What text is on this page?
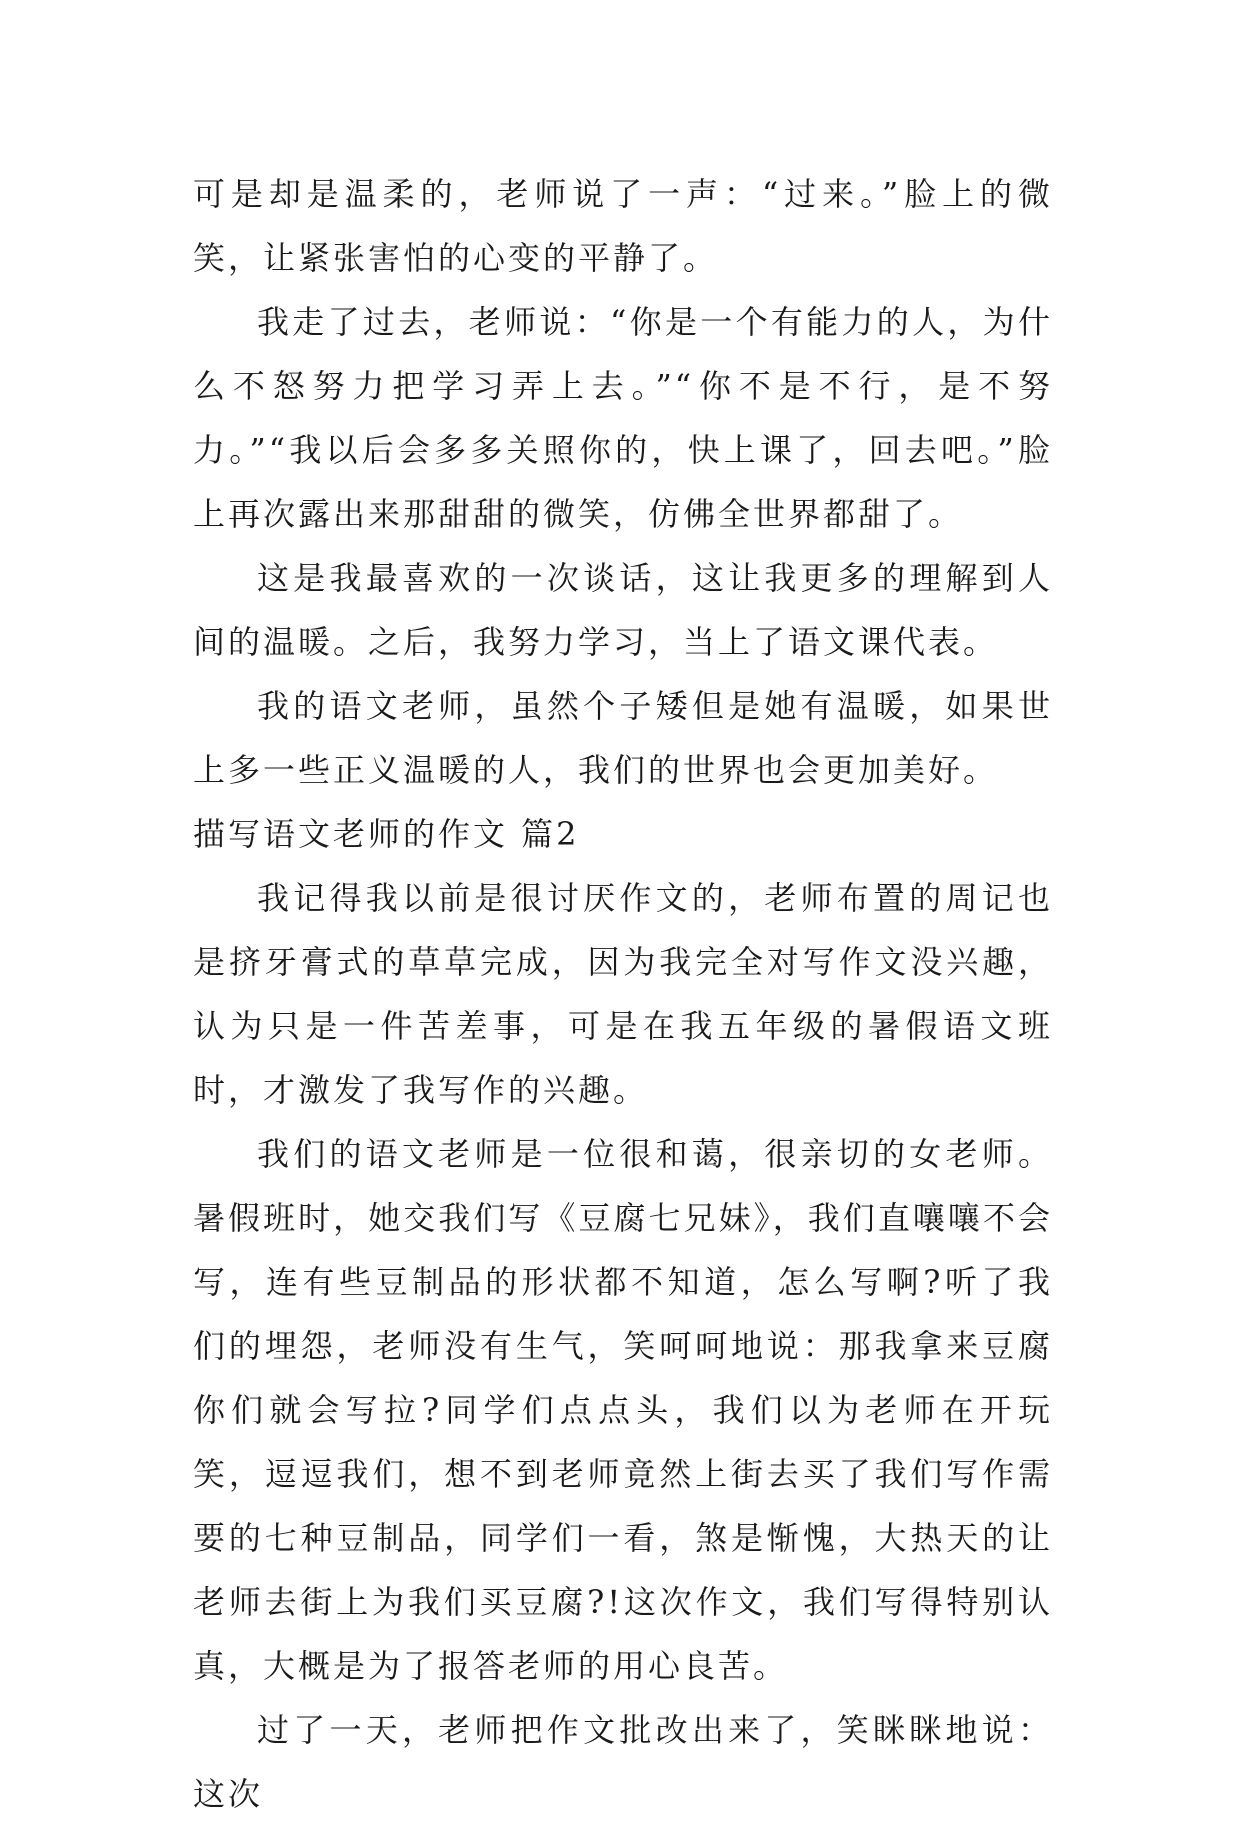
可是却是温柔的，老师说了一声：“过来。”脸上的微笑，让紧张害怕的心变的平静了。

我走了过去，老师说：“你是一个有能力的人，为什么不怒努力把学习弄上去。”“你不是不行，是不努力。”“我以后会多多关照你的，快上课了，回去吧。”脸上再次露出来那甜甜的微笑，仿佛全世界都甜了。

这是我最喜欢的一次谈话，这让我更多的理解到人间的温暖。之后，我努力学习，当上了语文课代表。

我的语文老师，虽然个子矮但是她有温暖，如果世上多一些正义温暖的人，我们的世界也会更加美好。

描写语文老师的作文 篇2

我记得我以前是很讨厌作文的，老师布置的周记也是挤牙膏式的草草完成，因为我完全对写作文没兴趣，认为只是一件苦差事，可是在我五年级的暑假语文班时，才激发了我写作的兴趣。

我们的语文老师是一位很和蔼，很亲切的女老师。暑假班时，她交我们写《豆腐七兄妹》，我们直嚷嚷不会写，连有些豆制品的形状都不知道，怎么写啊?听了我们的埋怨，老师没有生气，笑呵呵地说：那我拿来豆腐你们就会写拉?同学们点点头，我们以为老师在开玩笑，逗逗我们，想不到老师竟然上街去买了我们写作需要的七种豆制品，同学们一看，煞是惭愧，大热天的让老师去街上为我们买豆腐?!这次作文，我们写得特别认真，大概是为了报答老师的用心良苦。

过了一天，老师把作文批改出来了，笑眯眯地说：这次
